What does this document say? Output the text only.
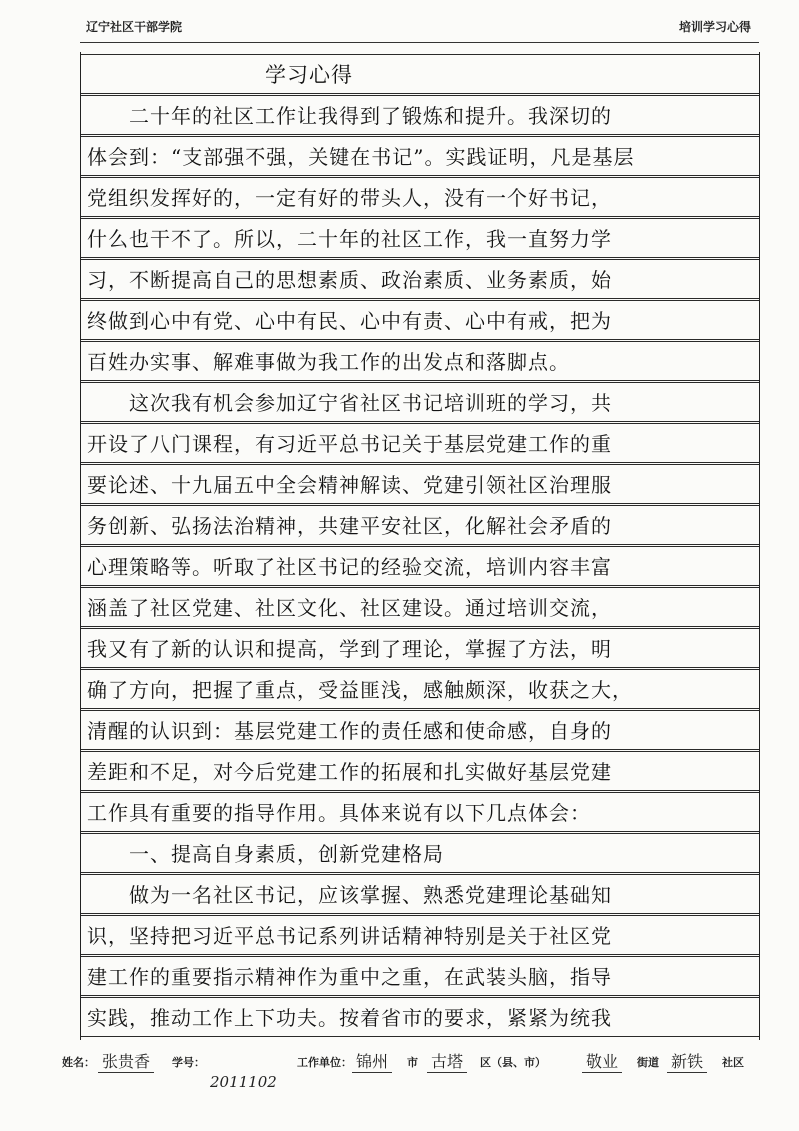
辽宁社区干部学院	培训学习心得
学习心得
　　二十年的社区工作让我得到了锻炼和提升。我深切的
体会到：“支部强不强，关键在书记”。实践证明，凡是基层
党组织发挥好的，一定有好的带头人，没有一个好书记，
什么也干不了。所以，二十年的社区工作，我一直努力学
习，不断提高自己的思想素质、政治素质、业务素质，始
终做到心中有党、心中有民、心中有责、心中有戒，把为
百姓办实事、解难事做为我工作的出发点和落脚点。
　　这次我有机会参加辽宁省社区书记培训班的学习，共
开设了八门课程，有习近平总书记关于基层党建工作的重
要论述、十九届五中全会精神解读、党建引领社区治理服
务创新、弘扬法治精神，共建平安社区，化解社会矛盾的
心理策略等。听取了社区书记的经验交流，培训内容丰富
涵盖了社区党建、社区文化、社区建设。通过培训交流，
我又有了新的认识和提高，学到了理论，掌握了方法，明
确了方向，把握了重点，受益匪浅，感触颇深，收获之大，
清醒的认识到：基层党建工作的责任感和使命感，自身的
差距和不足，对今后党建工作的拓展和扎实做好基层党建
工作具有重要的指导作用。具体来说有以下几点体会：
　　一、提高自身素质，创新党建格局
　　做为一名社区书记，应该掌握、熟悉党建理论基础知
识，坚持把习近平总书记系列讲话精神特别是关于社区党
建工作的重要指示精神作为重中之重，在武装头脑，指导
实践，推动工作上下功夫。按着省市的要求，紧紧为统我
姓名： 张贵香	学号：	工作单位： 锦州	市 古塔	区（县、市）	敬业	街道 新铁	社区
2011102
